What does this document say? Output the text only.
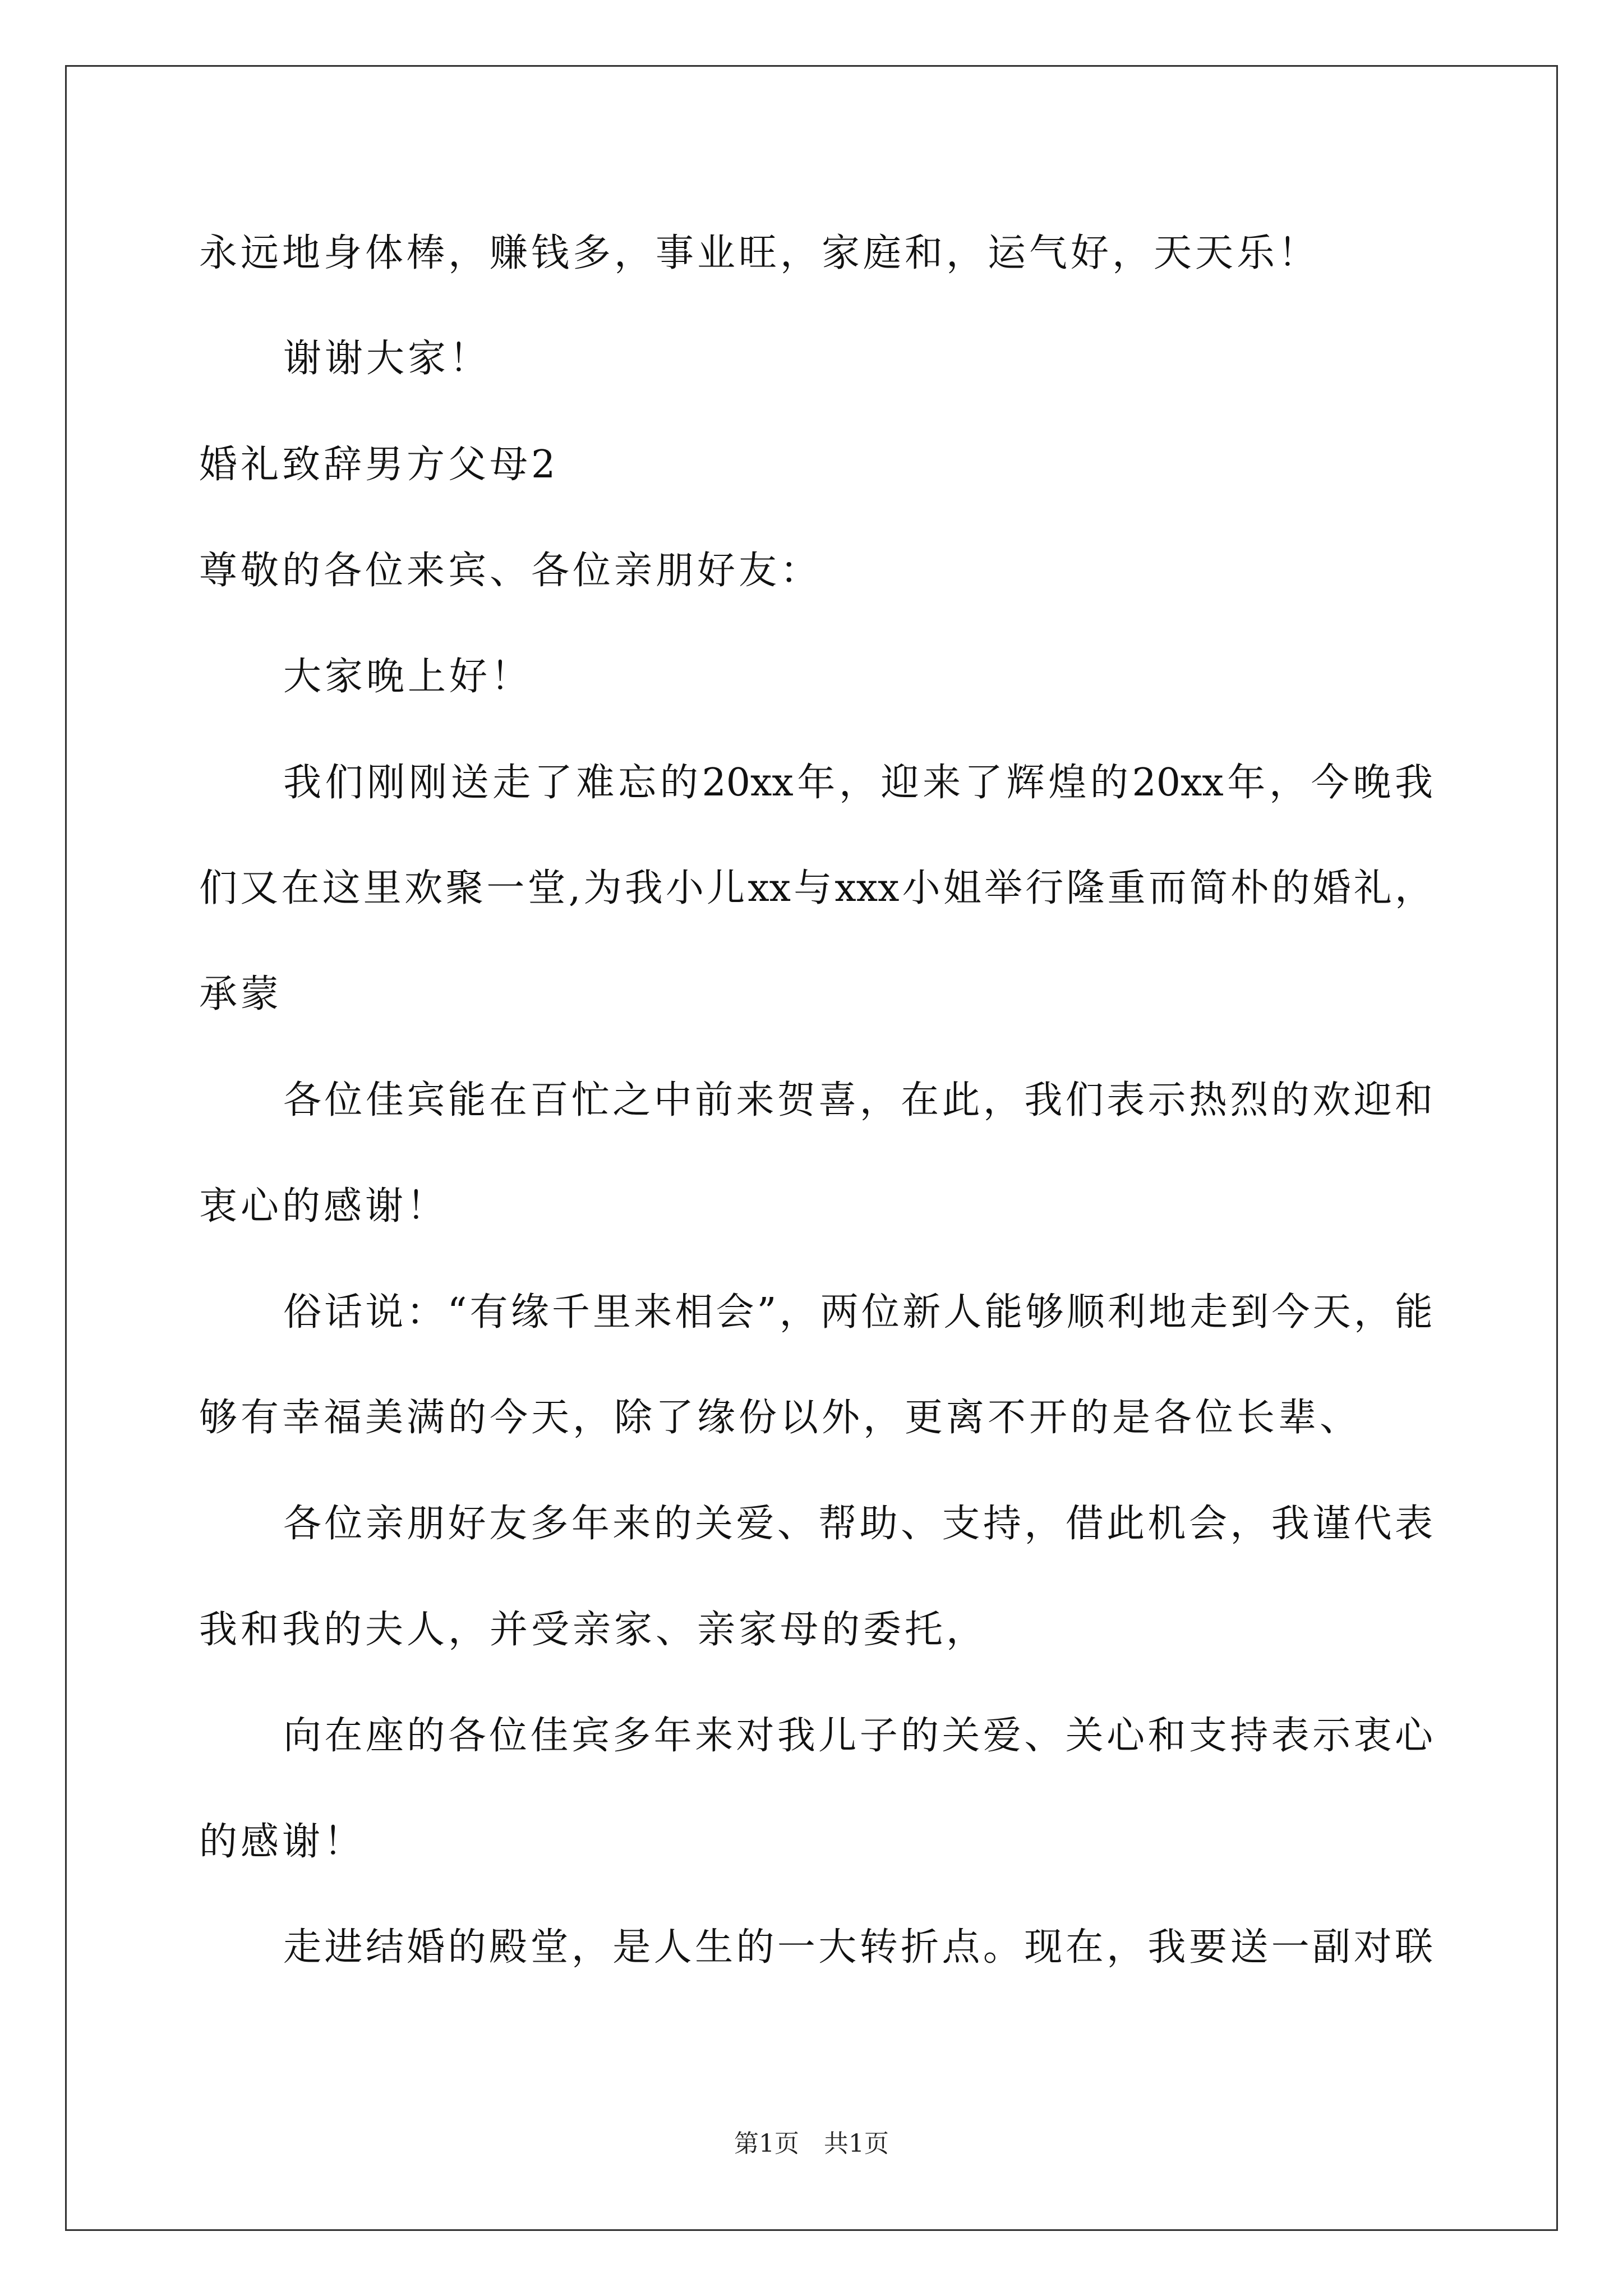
永远地身体棒，赚钱多，事业旺，家庭和，运气好，天天乐！
谢谢大家！
婚礼致辞男方父母2
尊敬的各位来宾、各位亲朋好友：
大家晚上好！
我们刚刚送走了难忘的20xx年，迎来了辉煌的20xx年，今晚我
们又在这里欢聚一堂,为我小儿xx与xxx小姐举行隆重而简朴的婚礼，
承蒙
各位佳宾能在百忙之中前来贺喜，在此，我们表示热烈的欢迎和
衷心的感谢！
俗话说：“有缘千里来相会”，两位新人能够顺利地走到今天，能
够有幸福美满的今天，除了缘份以外，更离不开的是各位长辈、
各位亲朋好友多年来的关爱、帮助、支持，借此机会，我谨代表
我和我的夫人，并受亲家、亲家母的委托，
向在座的各位佳宾多年来对我儿子的关爱、关心和支持表示衷心
的感谢！
走进结婚的殿堂，是人生的一大转折点。现在，我要送一副对联
第1页　共1页
